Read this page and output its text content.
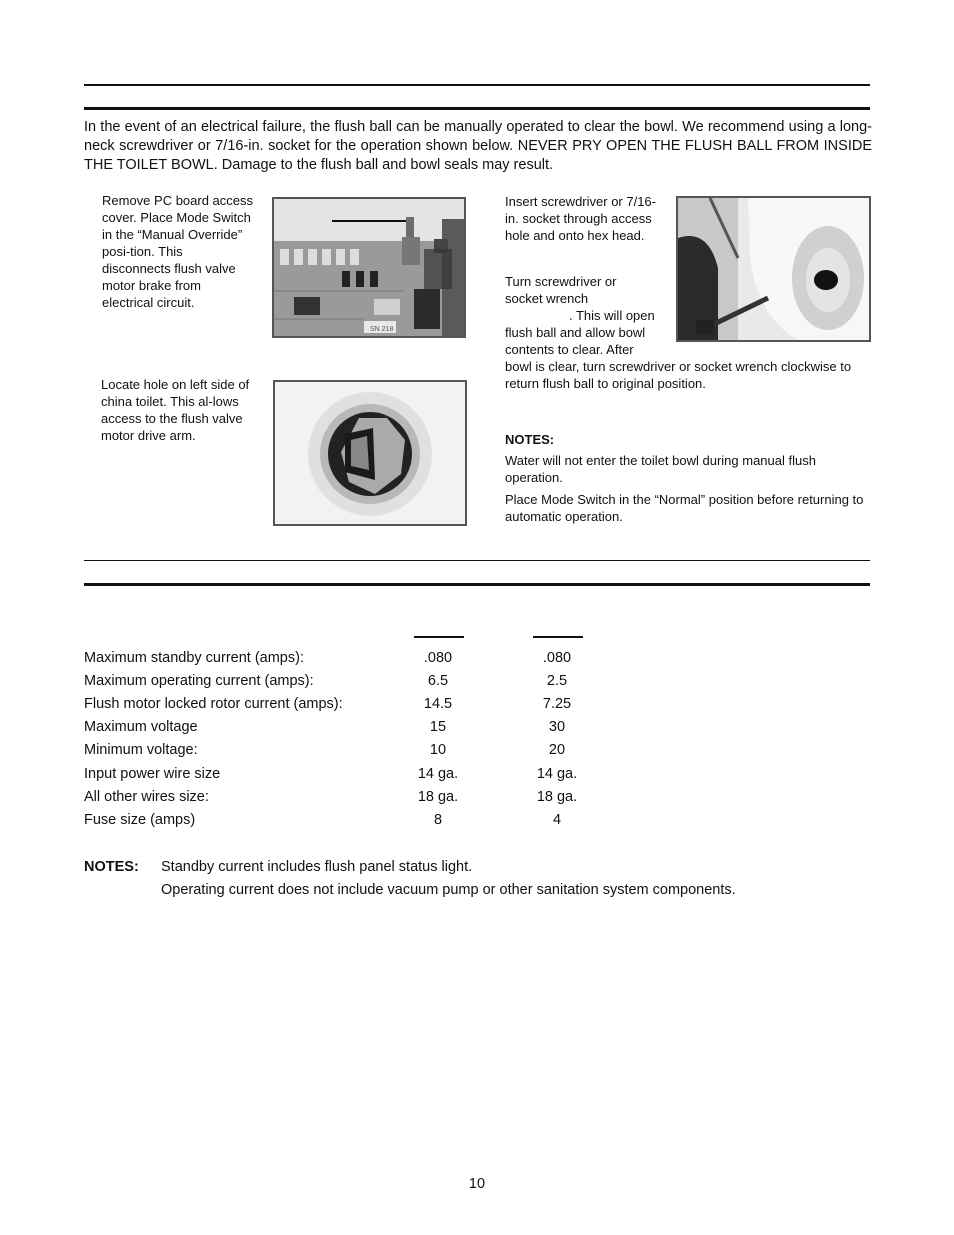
In the event of an electrical failure, the flush ball can be manually operated to clear the bowl. We recommend using a long-neck screwdriver or 7/16-in. socket for the operation shown below. NEVER PRY OPEN THE FLUSH BALL FROM INSIDE THE TOILET BOWL. Damage to the flush ball and bowl seals may result.
Remove PC board access cover. Place Mode Switch in the “Manual Override” posi-tion. This disconnects flush valve motor brake from electrical circuit.
SN 218
Locate hole on left side of china toilet. This al-lows access to the flush valve motor drive arm.
Insert screwdriver or 7/16-in. socket through access hole and onto hex head.
Turn screwdriver or socket wrench
. This will open flush ball and allow bowl contents to clear. After
bowl is clear, turn screwdriver or socket wrench clockwise to return flush ball to original position.
NOTES:
Water will not enter the toilet bowl during manual flush operation.
Place Mode Switch in the “Normal” position before returning to automatic operation.
Maximum standby current (amps):	.080	.080
Maximum operating current (amps):	6.5	2.5
Flush motor locked rotor current (amps):	14.5	7.25
Maximum voltage	15	30
Minimum voltage:	10	20
Input power wire size	14 ga.	14 ga.
All other wires size:	18 ga.	18 ga.
Fuse size (amps)	8	4
NOTES: Standby current includes flush panel status light.
Operating current does not include vacuum pump or other sanitation system components.
10
